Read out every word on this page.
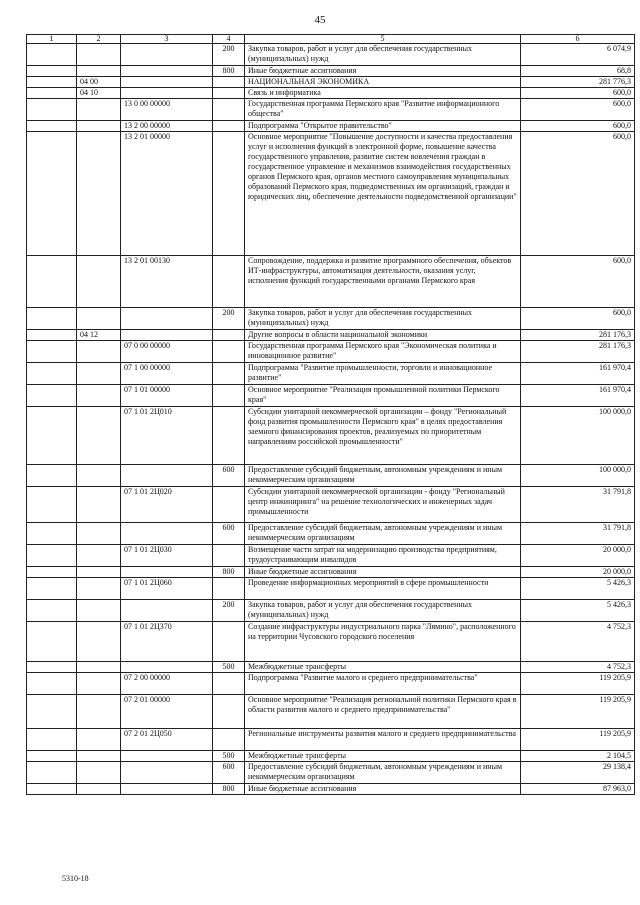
45
1	2	3	4	5	6
			200	Закупка товаров, работ и услуг для обеспечения государственных (муниципальных) нужд	6 074,9
			800	Иные бюджетные ассигнования	68,8
	04 00			НАЦИОНАЛЬНАЯ ЭКОНОМИКА	281 776,3
	04 10			Связь и информатика	600,0
		13 0 00 00000		Государственная программа Пермского края "Развитие информационного общества"	600,0
		13 2 00 00000		Подпрограмма "Открытое правительство"	600,0
		13 2 01 00000		Основное мероприятие "Повышение доступности и качества предоставления услуг и исполнения функций в электронной форме, повышение качества государственного управления, развитие систем вовлечения граждан в государственное управление и механизмов взаимодействия государственных органов Пермского края, органов местного самоуправления муниципальных образований Пермского края, подведомственных им организаций, граждан и юридических лиц, обеспечение деятельности подведомственной организации"	600,0
		13 2 01 00130		Сопровождение, поддержка и развитие программного обеспечения, объектов ИТ-инфраструктуры, автоматизация деятельности, оказания услуг, исполнения функций государственными органами Пермского края	600,0
			200	Закупка товаров, работ и услуг для обеспечения государственных (муниципальных) нужд	600,0
	04 12			Другие вопросы в области национальной экономики	281 176,3
		07 0 00 00000		Государственная программа Пермского края "Экономическая политика и инновационное развитие"	281 176,3
		07 1 00 00000		Подпрограмма "Развитие промышленности, торговли и инновационное развитие"	161 970,4
		07 1 01 00000		Основное мероприятие "Реализация промышленной политики Пермского края"	161 970,4
		07 1 01 2Ц010		Субсидии унитарной некоммерческой организации – фонду "Региональный фонд развития промышленности Пермского края" в целях предоставления заемного финансирования проектов, реализуемых по приоритетным направлениям российской промышленности"	100 000,0
			600	Предоставление субсидий бюджетным, автономным учреждениям и иным некоммерческим организациям	100 000,0
		07 1 01 2Ц020		Субсидии унитарной некоммерческой организации - фонду "Региональный центр инжиниринга" на решение технологических и инженерных задач промышленности	31 791,8
			600	Предоставление субсидий бюджетным, автономным учреждениям и иным некоммерческим организациям	31 791,8
		07 1 01 2Ц030		Возмещение части затрат на модернизацию производства предприятиям, трудоустраивающим инвалидов	20 000,0
			800	Иные бюджетные ассигнования	20 000,0
		07 1 01 2Ц060		Проведение информационных мероприятий в сфере промышленности	5 426,3
			200	Закупка товаров, работ и услуг для обеспечения государственных (муниципальных) нужд	5 426,3
		07 1 01 2Ц370		Создание инфраструктуры индустриального парка "Лямино", расположенного на территории Чусовского городского поселения	4 752,3
			500	Межбюджетные трансферты	4 752,3
		07 2 00 00000		Подпрограмма "Развитие малого и среднего предпринимательства"	119 205,9
		07 2 01 00000		Основное мероприятие "Реализация региональной политики Пермского края в области развития малого и среднего предпринимательства"	119 205,9
		07 2 01 2Ц050		Региональные инструменты развития малого и среднего предпринимательства	119 205,9
			500	Межбюджетные трансферты	2 104,5
			600	Предоставление субсидий бюджетным, автономным учреждениям и иным некоммерческим организациям	29 138,4
			800	Иные бюджетные ассигнования	87 963,0
5310-18
